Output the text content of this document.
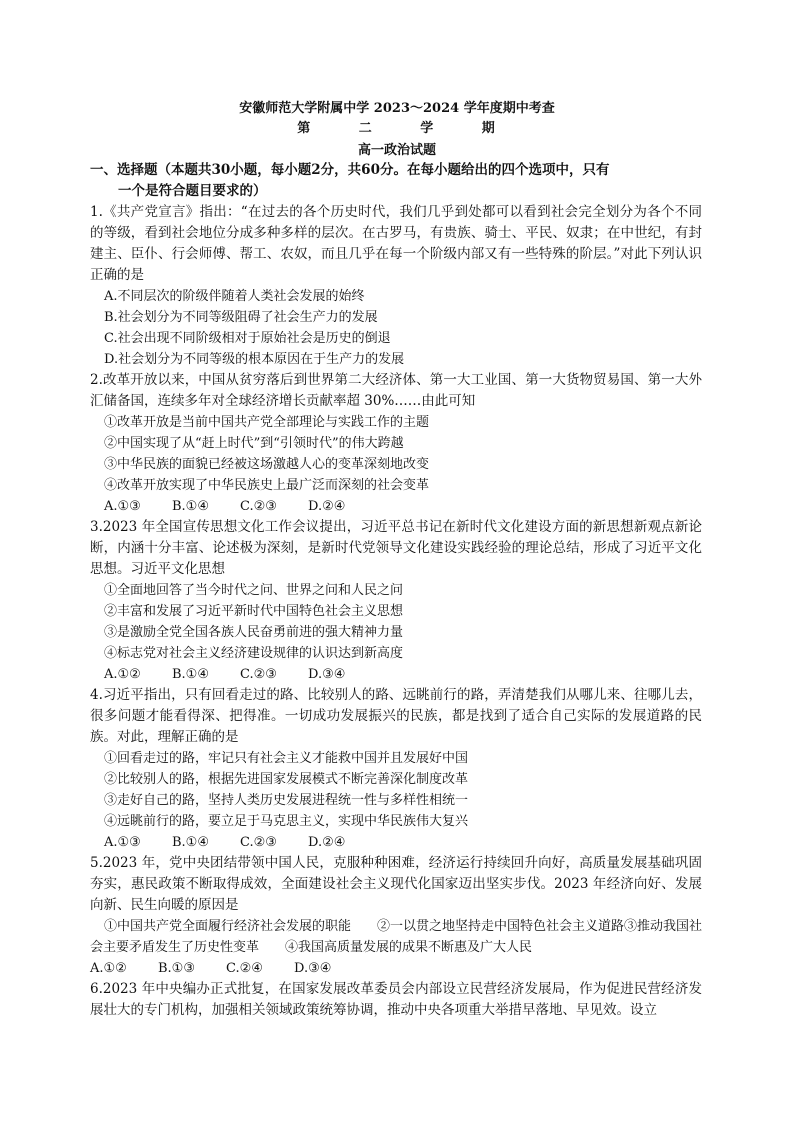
安徽师范大学附属中学 2023～2024 学年度期中考查
第	二	学	期
高一政治试题

一、选择题（本题共30小题，每小题2分，共60分。在每小题给出的四个选项中，只有

一个是符合题目要求的）

1.《共产党宣言》指出：“在过去的各个历史时代，我们几乎到处都可以看到社会完全划分为各个不同的等级，看到社会地位分成多种多样的层次。在古罗马，有贵族、骑士、平民、奴隶；在中世纪，有封建主、臣仆、行会师傅、帮工、农奴，而且几乎在每一个阶级内部又有一些特殊的阶层。”对此下列认识正确的是

A.不同层次的阶级伴随着人类社会发展的始终

B.社会划分为不同等级阻碍了社会生产力的发展

C.社会出现不同阶级相对于原始社会是历史的倒退

D.社会划分为不同等级的根本原因在于生产力的发展

2.改革开放以来，中国从贫穷落后到世界第二大经济体、第一大工业国、第一大货物贸易国、第一大外汇储备国，连续多年对全球经济增长贡献率超 30%……由此可知

①改革开放是当前中国共产党全部理论与实践工作的主题

②中国实现了从“赶上时代”到“引领时代”的伟大跨越

③中华民族的面貌已经被这场激越人心的变革深刻地改变

④改革开放实现了中华民族史上最广泛而深刻的社会变革

A.①③ B.①④ C.②③ D.②④

3.2023 年全国宣传思想文化工作会议提出，习近平总书记在新时代文化建设方面的新思想新观点新论断，内涵十分丰富、论述极为深刻，是新时代党领导文化建设实践经验的理论总结，形成了习近平文化思想。习近平文化思想

①全面地回答了当今时代之问、世界之问和人民之问

②丰富和发展了习近平新时代中国特色社会主义思想

③是激励全党全国各族人民奋勇前进的强大精神力量

④标志党对社会主义经济建设规律的认识达到新高度

A.①② B.①④ C.②③ D.③④

4.习近平指出，只有回看走过的路、比较别人的路、远眺前行的路，弄清楚我们从哪儿来、往哪儿去，很多问题才能看得深、把得准。一切成功发展振兴的民族，都是找到了适合自己实际的发展道路的民族。对此，理解正确的是

①回看走过的路，牢记只有社会主义才能救中国并且发展好中国

②比较别人的路，根据先进国家发展模式不断完善深化制度改革

③走好自己的路，坚持人类历史发展进程统一性与多样性相统一

④远眺前行的路，要立足于马克思主义，实现中华民族伟大复兴

A.①③ B.①④ C.②③ D.②④

5.2023 年，党中央团结带领中国人民，克服种种困难，经济运行持续回升向好，高质量发展基础巩固夯实，惠民政策不断取得成效，全面建设社会主义现代化国家迈出坚实步伐。2023 年经济向好、发展向新、民生向暖的原因是

①中国共产党全面履行经济社会发展的职能　　②一以贯之地坚持走中国特色社会主义道路③推动我国社会主要矛盾发生了历史性变革　　④我国高质量发展的成果不断惠及广大人民

A.①② B.①③ C.②④ D.③④

6.2023 年中央编办正式批复，在国家发展改革委员会内部设立民营经济发展局，作为促进民营经济发展壮大的专门机构，加强相关领域政策统筹协调，推动中央各项重大举措早落地、早见效。设立
